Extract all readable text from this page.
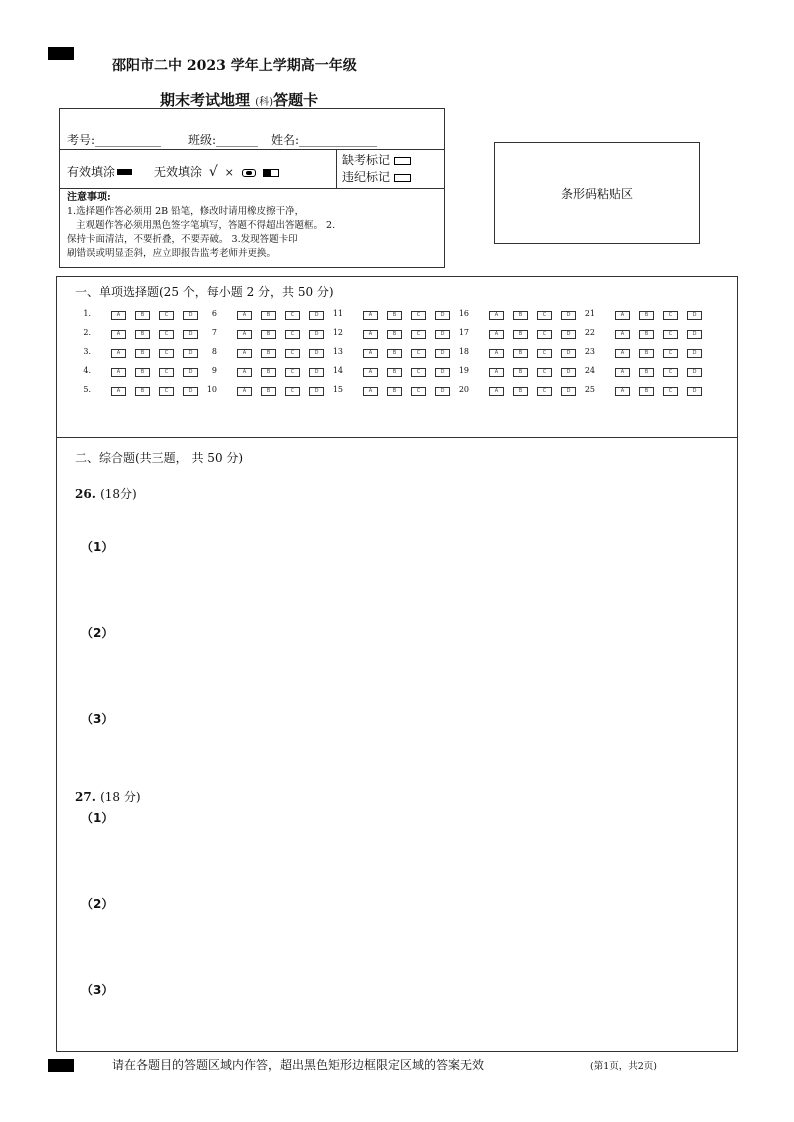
邵阳市二中 2023 学年上学期高一年级
期末考试地理 (科)答题卡
考号:___________ 班级:_______ 姓名:_____________
有效填涂	无效填涂 √ ×
缺考标记
违纪标记
注意事项:
1.选择题作答必须用 2B 铅笔，修改时请用橡皮擦干净，
主观题作答必须用黑色签字笔填写，答题不得超出答题框。 2.
保持卡面清洁，不要折叠，不要弄破。 3.发现答题卡印
刷错误或明显歪斜，应立即报告监考老师并更换。
条形码粘贴区
一、单项选择题(25 个，每小题 2 分，共 50 分)
1.	A	B	C	D
2.	A	B	C	D
3.	A	B	C	D
4.	A	B	C	D
5.	A	B	C	D
6	A	B	C	D
7	A	B	C	D
8	A	B	C	D
9	A	B	C	D
10	A	B	C	D
11	A	B	C	D
12	A	B	C	D
13	A	B	C	D
14	A	B	C	D
15	A	B	C	D
16	A	B	C	D
17	A	B	C	D
18	A	B	C	D
19	A	B	C	D
20	A	B	C	D
21	A	B	C	D
22	A	B	C	D
23	A	B	C	D
24	A	B	C	D
25	A	B	C	D
二、综合题(共三题， 共 50 分)
26. (18分)
（1）
（2）
（3）
27. (18 分)
（1）
（2）
（3）
请在各题目的答题区域内作答，超出黑色矩形边框限定区域的答案无效	(第1页，共2页)
